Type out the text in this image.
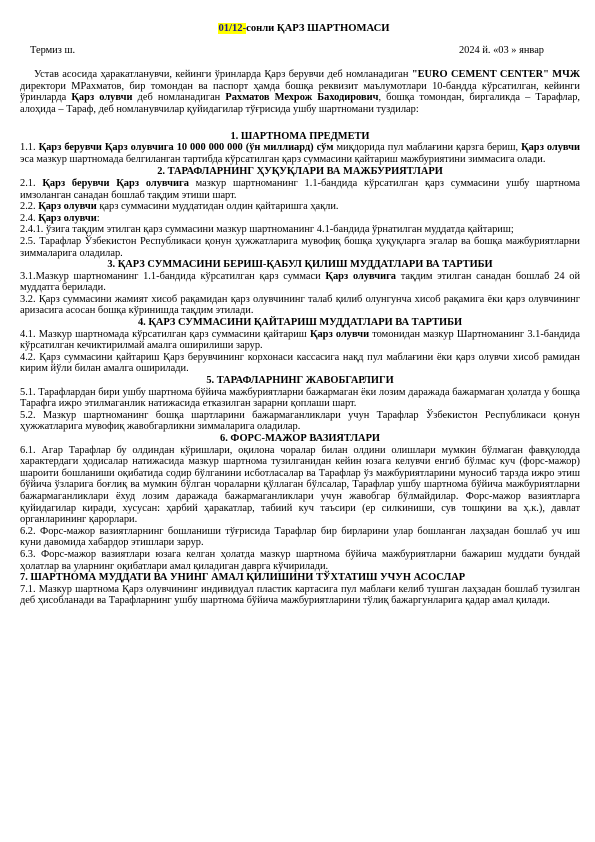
01/12-сонли ҚАРЗ ШАРТНОМАСИ
Термиз ш.	2024 й. «03 » январ

Устав асосида ҳаракатланувчи, кейинги ўринларда Қарз берувчи деб номланадиган "EURO CEMENT CENTER" МЧЖ директори МРахматов, бир томондан ва паспорт ҳамда бошқа реквизит маълумотлари 10-бандда кўрсатилган, кейинги ўринларда Қарз олувчи деб номланадиган Рахматов Мехрож Баходирович, бошқа томондан, биргаликда – Тарафлар, алоҳида – Тараф, деб номланувчилар қуйидагилар тўғрисида ушбу шартномани туздилар:

1. ШАРТНОМА ПРЕДМЕТИ

1.1. Қарз берувчи Қарз олувчига 10 000 000 000 (ўн миллиард) сўм миқдорида пул маблағини қарзга бериш, Қарз олувчи эса мазкур шартномада белгиланган тартибда кўрсатилган қарз суммасини қайтариш мажбуриятини зиммасига олади.

2. ТАРАФЛАРНИНГ ҲУҚУҚЛАРИ ВА МАЖБУРИЯТЛАРИ

2.1. Қарз берувчи Қарз олувчига мазкур шартноманинг 1.1-бандида кўрсатилган қарз суммасини ушбу шартнома имзоланган санадан бошлаб тақдим этиши шарт.

2.2. Қарз олувчи қарз суммасини муддатидан олдин қайтаришга ҳақли.

2.4. Қарз олувчи:

2.4.1. ўзига тақдим этилган қарз суммасини мазкур шартноманинг 4.1-бандида ўрнатилган муддатда қайтариш;

2.5. Тарафлар Ўзбекистон Республикаси қонун ҳужжатларига мувофиқ бошқа ҳуқуқларга эгалар ва бошқа мажбуриятларни зиммаларига оладилар.

3. ҚАРЗ СУММАСИНИ БЕРИШ-ҚАБУЛ ҚИЛИШ МУДДАТЛАРИ ВА ТАРТИБИ

3.1.Мазкур шартноманинг 1.1-бандида кўрсатилган қарз суммаси Қарз олувчига тақдим этилган санадан бошлаб 24 ой муддатга берилади.

3.2. Қарз суммасини жамият хисоб рақамидан қарз олувчининг талаб қилиб олунгунча хисоб рақамига ёки қарз олувчининг аризасига асосан бошқа кўринишда тақдим этилади.

4. ҚАРЗ СУММАСИНИ ҚАЙТАРИШ МУДДАТЛАРИ ВА ТАРТИБИ

4.1. Мазкур шартномада кўрсатилган қарз суммасини қайтариш Қарз олувчи томонидан мазкур Шартноманинг 3.1-бандида кўрсатилган кечиктирилмай амалга оширилиши зарур.

4.2. Қарз суммасини қайтариш Қарз берувчининг корхонаси кассасига нақд пул маблағини ёки қарз олувчи хисоб рамидан кирим йўли билан амалга оширилади.

5. ТАРАФЛАРНИНГ ЖАВОБГАРЛИГИ

5.1. Тарафлардан бири ушбу шартнома бўйича мажбуриятларни бажармаган ёки лозим даражада бажармаган ҳолатда у бошқа Тарафга ижро этилмаганлик натижасида етказилган зарарни қоплаши шарт.

5.2. Мазкур шартноманинг бошқа шартларини бажармаганликлари учун Тарафлар Ўзбекистон Республикаси қонун ҳужжатларига мувофиқ жавобгарликни зиммаларига оладилар.

6. ФОРС-МАЖОР ВАЗИЯТЛАРИ

6.1. Агар Тарафлар бу олдиндан кўришлари, оқилона чоралар билан олдини олишлари мумкин бўлмаган фавқулодда характердаги ҳодисалар натижасида мазкур шартнома тузилганидан кейин юзага келувчи енгиб бўлмас куч (форс-мажор) шароити бошланиши оқибатида содир бўлганини исботласалар ва Тарафлар ўз мажбуриятларини муносиб тарзда ижро этиш бўйича ўзларига боғлиқ ва мумкин бўлган чораларни қўллаган бўлсалар, Тарафлар ушбу шартнома бўйича мажбуриятларни бажармаганликлари ёхуд лозим даражада бажармаганликлари учун жавобгар бўлмайдилар. Форс-мажор вазиятларга қуйидагилар киради, хусусан: ҳарбий ҳаракатлар, табиий куч таъсири (ер силкиниши, сув тошқини ва ҳ.к.), давлат органларининг қарорлари.

6.2. Форс-мажор вазиятларнинг бошланиши тўғрисида Тарафлар бир бирларини улар бошланган лаҳзадан бошлаб уч иш куни давомида хабардор этишлари зарур.

6.3. Форс-мажор вазиятлари юзага келган ҳолатда мазкур шартнома бўйича мажбуриятларни бажариш муддати бундай ҳолатлар ва уларнинг оқибатлари амал қиладиган даврга кўчирилади.

7. ШАРТНОМА МУДДАТИ ВА УНИНГ АМАЛ ҚИЛИШИНИ ТЎХТАТИШ УЧУН АСОСЛАР

7.1. Мазкур шартнома Қарз олувчининг индивидуал пластик картасига пул маблағи келиб тушган лаҳзадан бошлаб тузилган деб ҳисобланади ва Тарафларнинг ушбу шартнома бўйича мажбуриятларини тўлиқ бажаргунларига қадар амал қилади.
